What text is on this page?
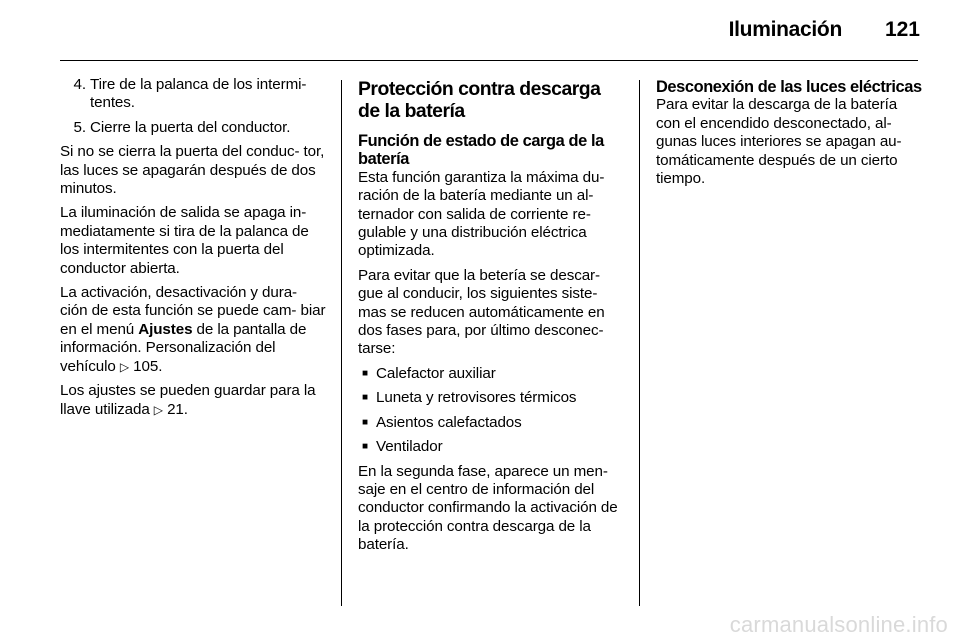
Iluminación 121
4. Tire de la palanca de los intermi- tentes.
5. Cierre la puerta del conductor.

Si no se cierra la puerta del conduc- tor, las luces se apagarán después de dos minutos.

La iluminación de salida se apaga in- mediatamente si tira de la palanca de los intermitentes con la puerta del conductor abierta.

La activación, desactivación y dura- ción de esta función se puede cam- biar en el menú Ajustes de la pantalla de información. Personalización del vehículo ▷ 105.

Los ajustes se pueden guardar para la llave utilizada ▷ 21.

Protección contra descarga de la batería
Función de estado de carga de la batería

Esta función garantiza la máxima du- ración de la batería mediante un al- ternador con salida de corriente re- gulable y una distribución eléctrica optimizada.

Para evitar que la betería se descar- gue al conducir, los siguientes siste- mas se reducen automáticamente en dos fases para, por último desconec- tarse:

■ Calefactor auxiliar
■ Luneta y retrovisores térmicos
■ Asientos calefactados
■ Ventilador

En la segunda fase, aparece un men- saje en el centro de información del conductor confirmando la activación de la protección contra descarga de la batería.

Desconexión de las luces eléctricas

Para evitar la descarga de la batería con el encendido desconectado, al- gunas luces interiores se apagan au- tomáticamente después de un cierto tiempo.

carmanualsonline.info
